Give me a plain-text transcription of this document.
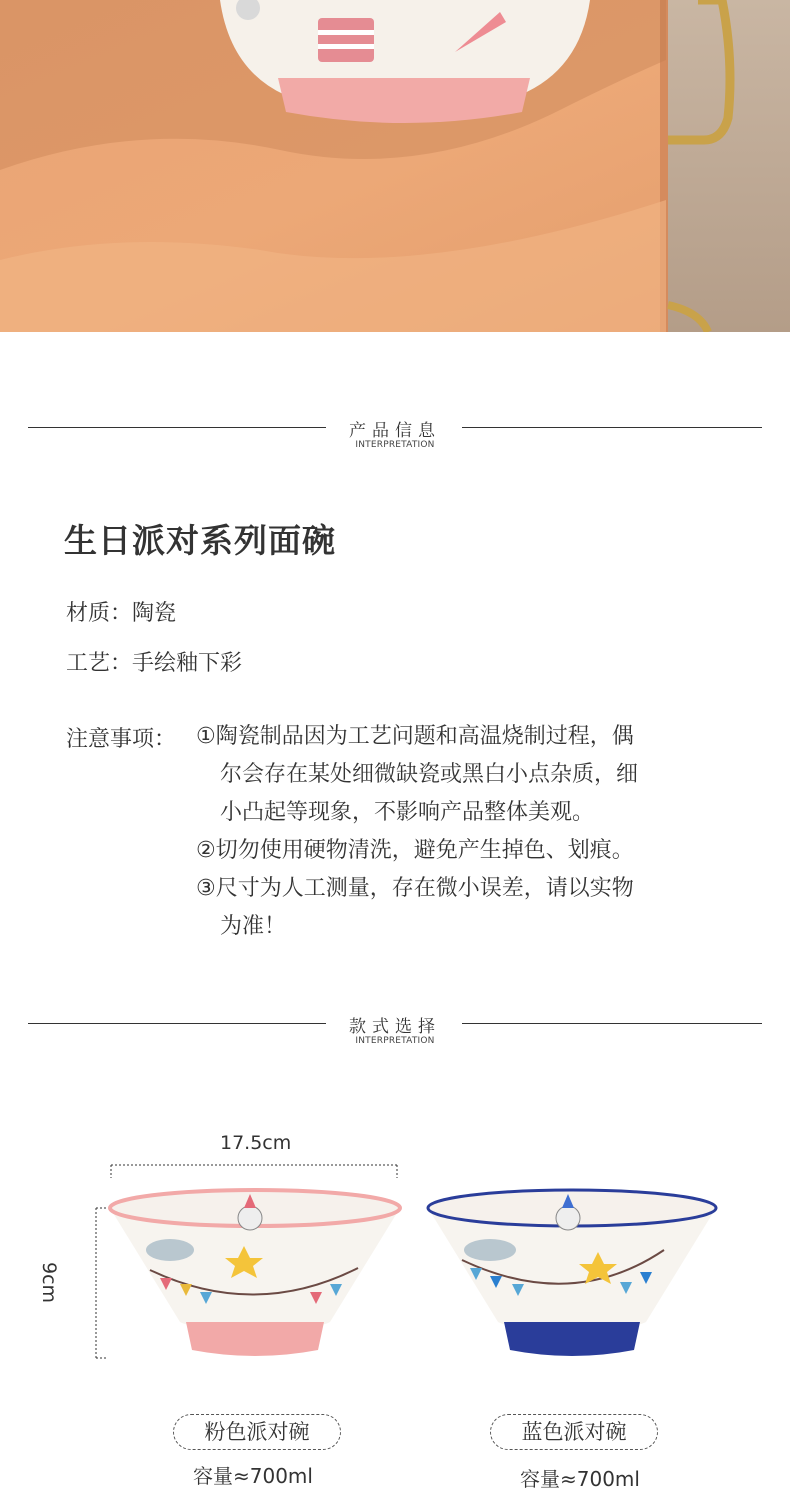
产品信息
INTERPRETATION
生日派对系列面碗
材质：陶瓷
工艺：手绘釉下彩
注意事项： ①陶瓷制品因为工艺问题和高温烧制过程，偶
尔会存在某处细微缺瓷或黑白小点杂质，细
小凸起等现象，不影响产品整体美观。
②切勿使用硬物清洗，避免产生掉色、划痕。
③尺寸为人工测量，存在微小误差，请以实物
为准！
款式选择
INTERPRETATION
17.5cm
9cm
粉色派对碗
容量≈700ml
蓝色派对碗
容量≈700ml
